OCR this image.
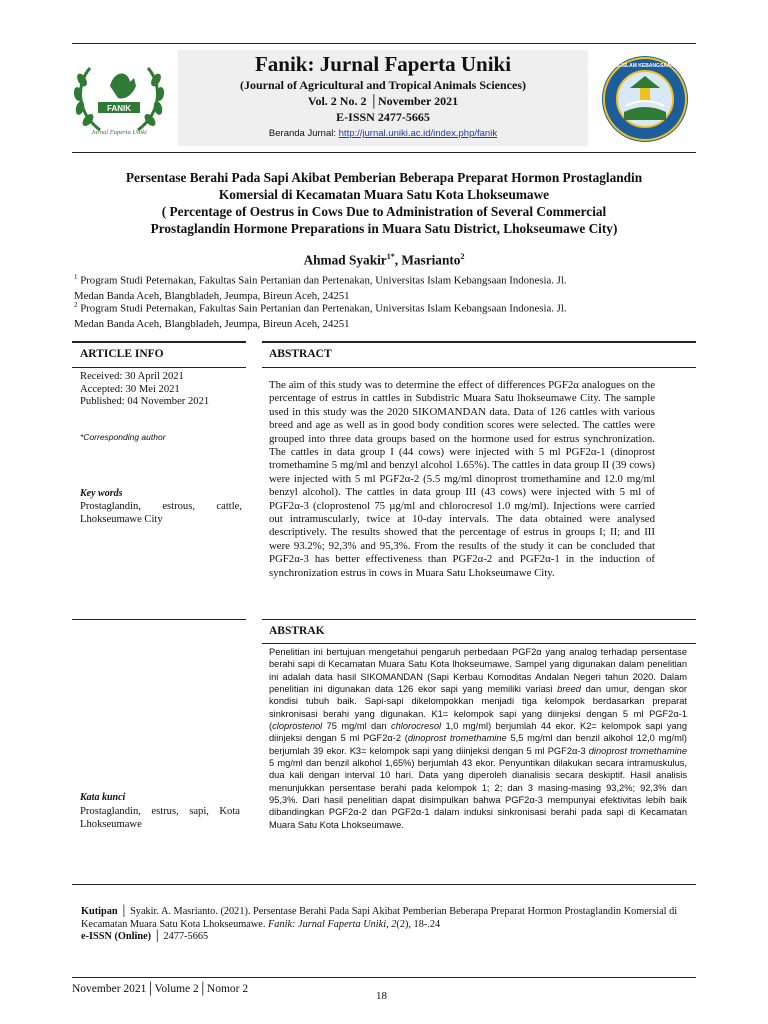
FANIK
Jurnal Faperta Uniki
Fanik: Jurnal Faperta Uniki
(Journal of Agricultural and Tropical Animals Sciences)
Vol. 2 No. 2 │November 2021
E-ISSN 2477-5665
Beranda Jurnal: http://jurnal.uniki.ac.id/index.php/fanik
UNIVERSITAS ISLAM KEBANGSAAN INDONESIA
Persentase Berahi Pada Sapi Akibat Pemberian Beberapa Preparat Hormon Prostaglandin
Komersial di Kecamatan Muara Satu Kota Lhokseumawe
( Percentage of Oestrus in Cows Due to Administration of Several Commercial
Prostaglandin Hormone Preparations in Muara Satu District, Lhokseumawe City)
Ahmad Syakir$^{1*}$, Masrianto$^2$
$^1$ Program Studi Peternakan, Fakultas Sain Pertanian dan Pertenakan, Universitas Islam Kebangsaan Indonesia. Jl.
Medan Banda Aceh, Blangbladeh, Jeumpa, Bireun Aceh, 24251
$^2$ Program Studi Peternakan, Fakultas Sain Pertanian dan Pertenakan, Universitas Islam Kebangsaan Indonesia. Jl.
Medan Banda Aceh, Blangbladeh, Jeumpa, Bireun Aceh, 24251
ARTICLE INFO
Received: 30 April 2021
Accepted: 30 Mei 2021
Published: 04 November 2021
*Corresponding author
Key words
Prostaglandin, estrous, cattle, Lhokseumawe City
Kata kunci
Prostaglandin, estrus, sapi, Kota Lhokseumawe
ABSTRACT
The aim of this study was to determine the effect of differences PGF2α analogues on the percentage of estrus in cattles in Subdistric Muara Satu lhokseumawe City. The sample used in this study was the 2020 SIKOMANDAN data. Data of 126 cattles with various breed and age as well as in good body condition scores were selected. The cattles were grouped into three data groups based on the hormone used for estrus synchronization. The cattles in data group I (44 cows) were injected with 5 ml PGF2α-1 (dinoprost tromethamine 5 mg/ml and benzyl alcohol 1.65%). The cattles in data group II (39 cows) were injected with 5 ml PGF2α-2 (5.5 mg/ml dinoprost tromethamine and 12.0 mg/ml benzyl alcohol). The cattles in data group III (43 cows) were injected with 5 ml of PGF2α-3 (cloprostenol 75 µg/ml and chlorocresol 1.0 mg/ml). Injections were carried out intramuscularly, twice at 10-day intervals. The data obtained were analysed descriptively. The results showed that the percentage of estrus in groups I; II; and III were 93.2%; 92,3% and 95,3%. From the results of the study it can be concluded that PGF2α-3 has better effectiveness than PGF2α-2 and PGF2α-1 in the induction of synchronization estrus in cows in Muara Satu Lhokseumawe City.
ABSTRAK
Penelitian ini bertujuan mengetahui pengaruh perbedaan PGF2α yang analog terhadap persentase berahi sapi di Kecamatan Muara Satu Kota lhokseumawe. Sampel yang digunakan dalam penelitian ini adalah data hasil SIKOMANDAN (Sapi Kerbau Komoditas Andalan Negeri tahun 2020. Dalam penelitian ini digunakan data 126 ekor sapi yang memiliki variasi breed dan umur, dengan skor kondisi tubuh baik. Sapi-sapi dikelompokkan menjadi tiga kelompok berdasarkan preparat sinkronisasi berahi yang digunakan. K1= kelompok sapi yang diinjeksi dengan 5 ml PGF2α-1 (cloprostenol 75 mg/ml dan chlorocresol 1,0 mg/ml) berjumlah 44 ekor. K2= kelompok sapi yang diinjeksi dengan 5 ml PGF2α-2 (dinoprost tromethamine 5,5 mg/ml dan benzil alkohol 12,0 mg/ml) berjumlah 39 ekor. K3= kelompok sapi yang diinjeksi dengan 5 ml PGF2α-3 dinoprost tromethamine 5 mg/ml dan benzil alkohol 1,65%) berjumlah 43 ekor. Penyuntikan dilakukan secara intramuskulus, dua kali dengan interval 10 hari. Data yang diperoleh dianalisis secara deskiptif. Hasil analisis menunjukkan persentase berahi pada kelompok 1; 2; dan 3 masing-masing 93,2%; 92,3% dan 95,3%. Dari hasil penelitian dapat disimpulkan bahwa PGF2α-3 mempunyai efektivitas lebih baik dibandingkan PGF2α-2 dan PGF2α-1 dalam induksi sinkronisasi berahi pada sapi di Kecamatan Muara Satu Kota Lhokseumawe.
Kutipan │ Syakir. A. Masrianto. (2021). Persentase Berahi Pada Sapi Akibat Pemberian Beberapa Preparat Hormon Prostaglandin Komersial di Kecamatan Muara Satu Kota Lhokseumawe. Fanik: Jurnal Faperta Uniki, 2(2), 18-.24
e-ISSN (Online) │ 2477-5665
November 2021│Volume 2│Nomor 2
18
